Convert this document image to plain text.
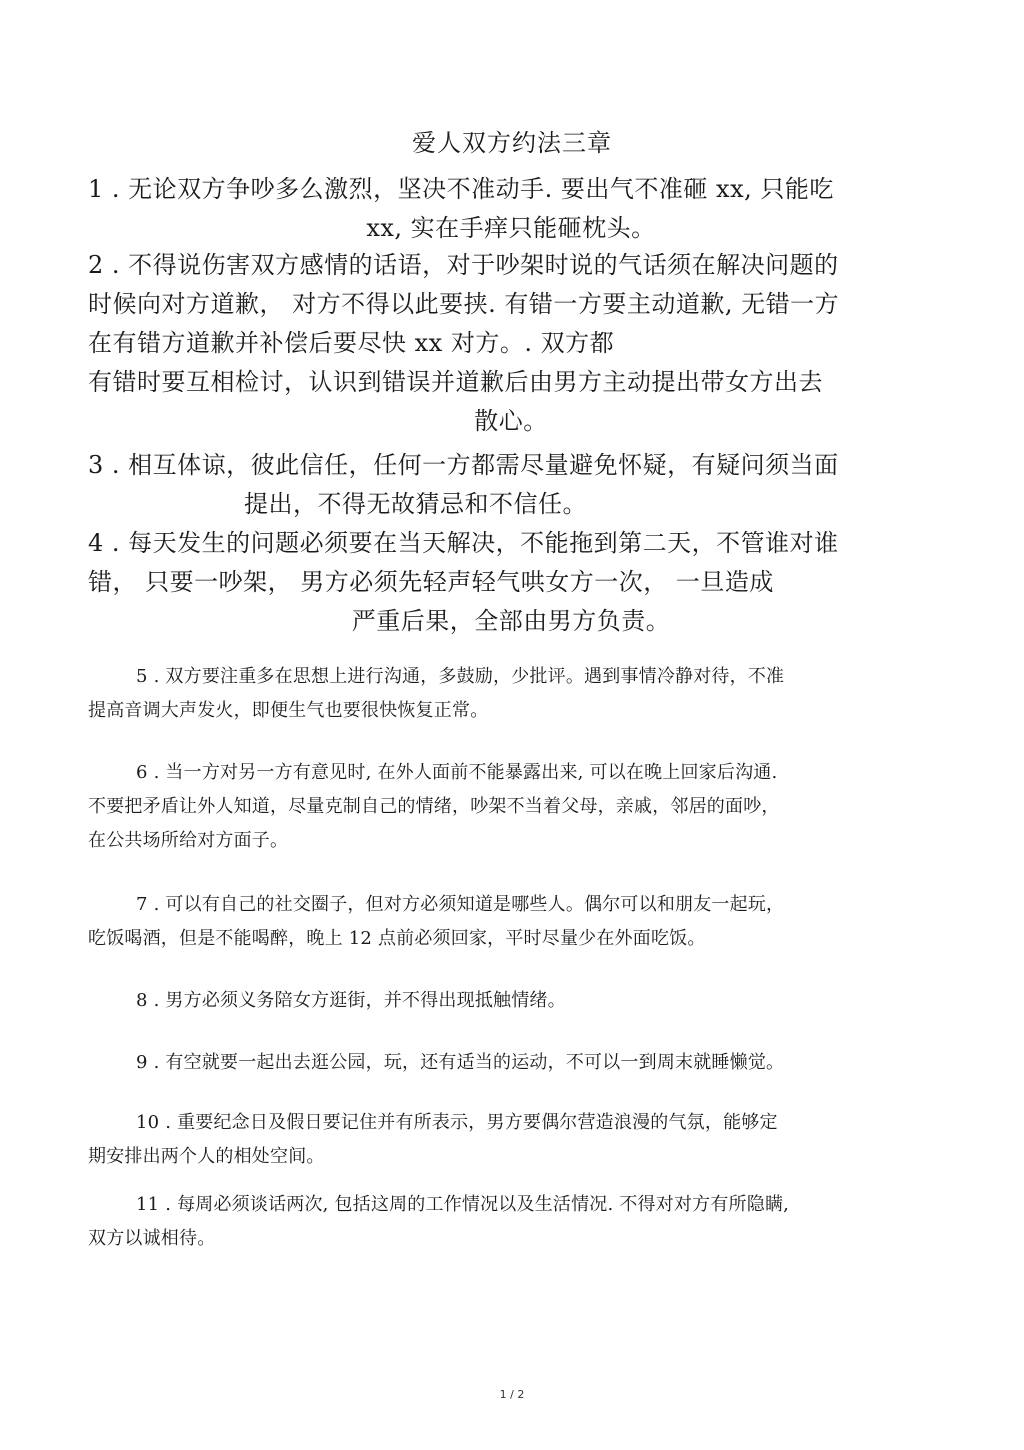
爱人双方约法三章
1 . 无论双方争吵多么激烈，坚决不准动手. 要出气不准砸 xx, 只能吃
xx, 实在手痒只能砸枕头。
2 . 不得说伤害双方感情的话语，对于吵架时说的气话须在解决问题的
时候向对方道歉， 对方不得以此要挟. 有错一方要主动道歉, 无错一方
在有错方道歉并补偿后要尽快 xx 对方。. 双方都
有错时要互相检讨，认识到错误并道歉后由男方主动提出带女方出去
散心。
3 . 相互体谅，彼此信任，任何一方都需尽量避免怀疑，有疑问须当面
提出，不得无故猜忌和不信任。
4 . 每天发生的问题必须要在当天解决，不能拖到第二天，不管谁对谁
错， 只要一吵架， 男方必须先轻声轻气哄女方一次， 一旦造成
严重后果，全部由男方负责。
5 . 双方要注重多在思想上进行沟通，多鼓励，少批评。遇到事情冷静对待，不准
提高音调大声发火，即便生气也要很快恢复正常。
6 . 当一方对另一方有意见时, 在外人面前不能暴露出来, 可以在晚上回家后沟通.
不要把矛盾让外人知道，尽量克制自己的情绪，吵架不当着父母，亲戚，邻居的面吵，
在公共场所给对方面子。
7 . 可以有自己的社交圈子，但对方必须知道是哪些人。偶尔可以和朋友一起玩，
吃饭喝酒，但是不能喝醉，晚上 12 点前必须回家，平时尽量少在外面吃饭。
8 . 男方必须义务陪女方逛街，并不得出现抵触情绪。
9 . 有空就要一起出去逛公园，玩，还有适当的运动，不可以一到周末就睡懒觉。
10 . 重要纪念日及假日要记住并有所表示，男方要偶尔营造浪漫的气氛，能够定
期安排出两个人的相处空间。
11 . 每周必须谈话两次, 包括这周的工作情况以及生活情况. 不得对对方有所隐瞒,
双方以诚相待。
1 / 2
